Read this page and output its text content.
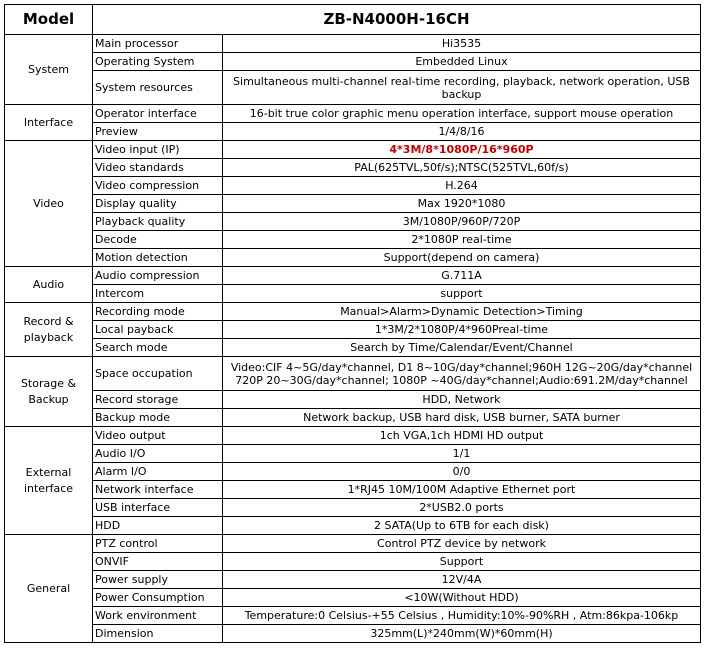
Model	ZB-N4000H-16CH	
System	Main processor	Hi3535
	Operating System	Embedded Linux
	System resources	Simultaneous multi-channel real-time recording, playback, network operation, USB backup
Interface	Operator interface	16-bit true color graphic menu operation interface, support mouse operation
	Preview	1/4/8/16
Video	Video input (IP)	4*3M/8*1080P/16*960P
	Video standards	PAL(625TVL,50f/s);NTSC(525TVL,60f/s)
	Video compression	H.264
	Display quality	Max 1920*1080
	Playback quality	3M/1080P/960P/720P
	Decode	2*1080P real-time
	Motion detection	Support(depend on camera)
Audio	Audio compression	G.711A
	Intercom	support
Record & playback	Recording mode	Manual>Alarm>Dynamic Detection>Timing
	Local payback	1*3M/2*1080P/4*960Preal-time
	Search mode	Search by Time/Calendar/Event/Channel
Storage & Backup	Space occupation	Video:CIF 4~5G/day*channel, D1 8~10G/day*channel;960H 12G~20G/day*channel 720P 20~30G/day*channel; 1080P ~40G/day*channel;Audio:691.2M/day*channel
	Record storage	HDD, Network
	Backup mode	Network backup, USB hard disk, USB burner, SATA burner
External interface	Video output	1ch VGA,1ch HDMI HD output
	Audio I/O	1/1
	Alarm I/O	0/0
	Network interface	1*RJ45 10M/100M Adaptive Ethernet port
	USB interface	2*USB2.0 ports
	HDD	2 SATA(Up to 6TB for each disk)
General	PTZ control	Control PTZ device by network
	ONVIF	Support
	Power supply	12V/4A
	Power Consumption	<10W(Without HDD)
	Work environment	Temperature:0 Celsius-+55 Celsius , Humidity:10%-90%RH , Atm:86kpa-106kp
	Dimension	325mm(L)*240mm(W)*60mm(H)
